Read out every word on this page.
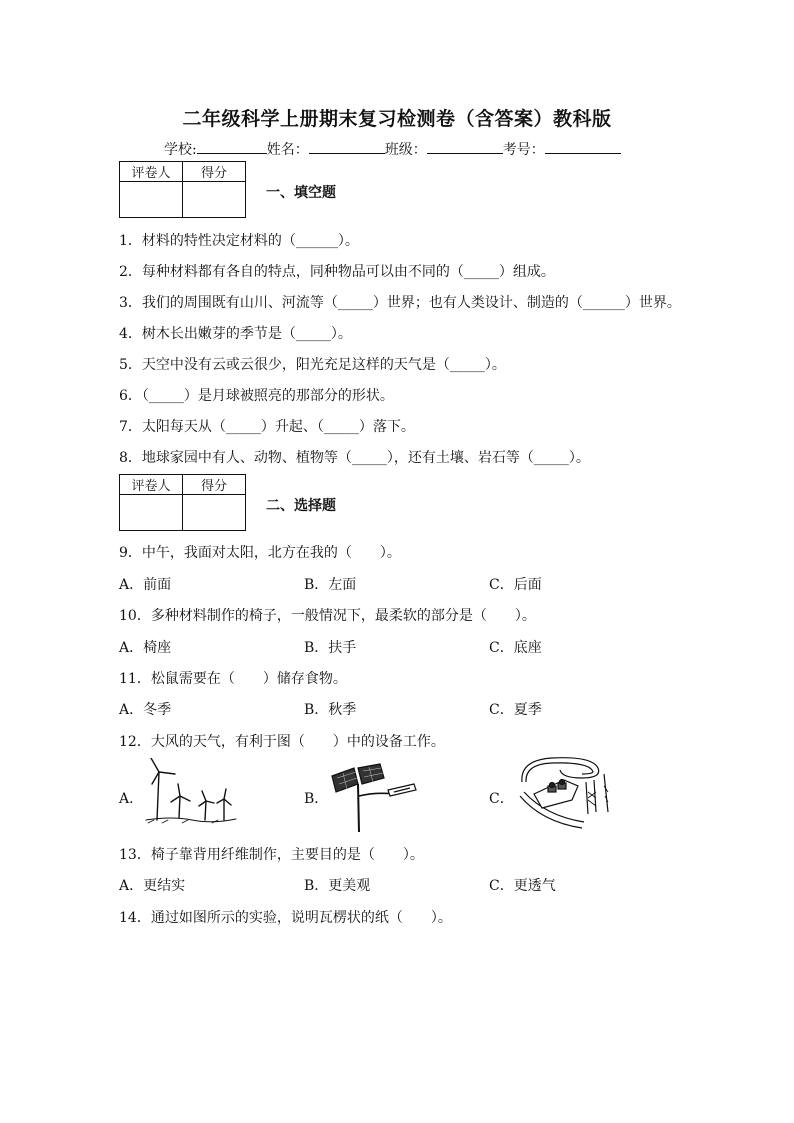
二年级科学上册期末复习检测卷（含答案）教科版
学校:	姓名：	班级：	考号：
评卷人	得分

一、填空题
1．材料的特性决定材料的（______）。
2．每种材料都有各自的特点，同种物品可以由不同的（_____）组成。
3．我们的周围既有山川、河流等（_____）世界；也有人类设计、制造的（______）世界。
4．树木长出嫩芽的季节是（_____）。
5．天空中没有云或云很少，阳光充足这样的天气是（_____）。
6．（_____）是月球被照亮的那部分的形状。
7．太阳每天从（_____）升起、（_____）落下。
8．地球家园中有人、动物、植物等（_____），还有土壤、岩石等（_____）。
评卷人	得分

二、选择题
9．中午，我面对太阳，北方在我的（　　）。
A．前面	B．左面	C．后面
10．多种材料制作的椅子，一般情况下，最柔软的部分是（　　）。
A．椅座	B．扶手	C．底座
11．松鼠需要在（　　）储存食物。
A．冬季	B．秋季	C．夏季
12．大风的天气，有利于图（　　）中的设备工作。
A．	B．	C．
13．椅子靠背用纤维制作，主要目的是（　　）。
A．更结实	B．更美观	C．更透气
14．通过如图所示的实验，说明瓦楞状的纸（　　）。
